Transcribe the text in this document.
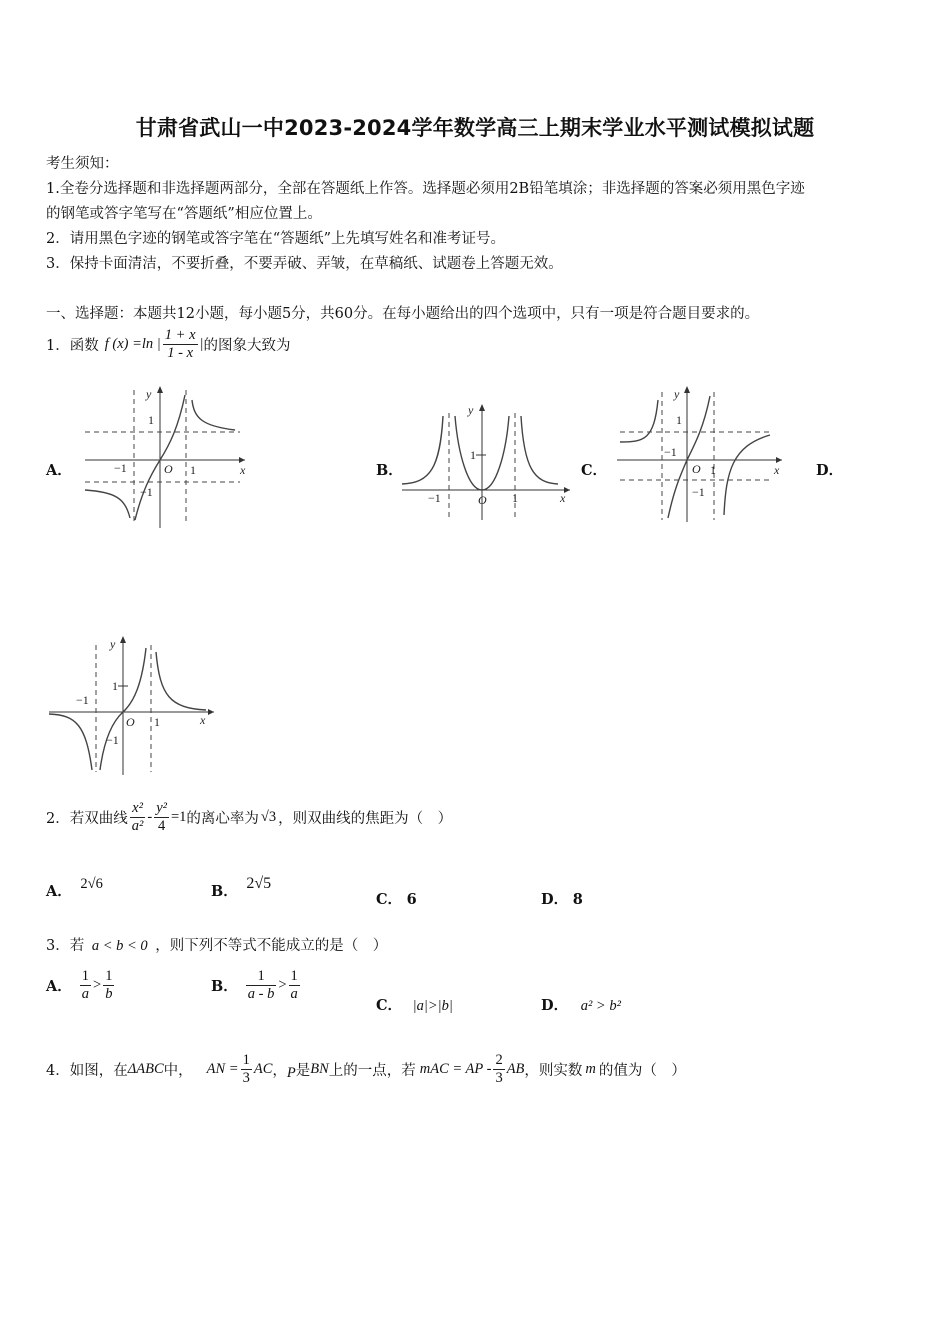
甘肃省武山一中2023-2024学年数学高三上期末学业水平测试模拟试题
考生须知：
1.全卷分选择题和非选择题两部分，全部在答题纸上作答。选择题必须用2B铅笔填涂；非选择题的答案必须用黑色字迹
的钢笔或答字笔写在“答题纸”相应位置上。
2．请用黑色字迹的钢笔或答字笔在“答题纸”上先填写姓名和准考证号。
3．保持卡面清洁，不要折叠，不要弄破、弄皱，在草稿纸、试题卷上答题无效。
一、选择题：本题共12小题，每小题5分，共60分。在每小题给出的四个选项中，只有一项是符合题目要求的。
1．函数 f (x) =ln | $\frac{1 + x}{1 - x}$ | 的图象大致为
A．	B．	C．	D．
y
x
1
1
−1
−1
O
y
x
1
1
−1	O
y
x
1
1
−1
−1
O
y
x
1
1
−1
−1
O
2．若双曲线 $\frac{\text{x²}}{\text{a²}} - \frac{\text{y²}}{4} =1$ 的离心率为 √3 ，则双曲线的焦距为（　）
A． 2√6	B． 2√5
C． 6	D． 8
3．若 a < b < 0 ，则下列不等式不能成立的是（　）
A． $\frac{1}{a} > \frac{1}{b}$	B． $\frac{1}{a - b} > \frac{1}{a}$
C． |a|>|b|	D． a² > b²
4．如图，在 ΔABC 中， AN = $\frac{1}{3}$ AC ， P 是 BN 上的一点，若 mAC = AP - $\frac{2}{3}$ AB ，则实数 m 的值为（　）
